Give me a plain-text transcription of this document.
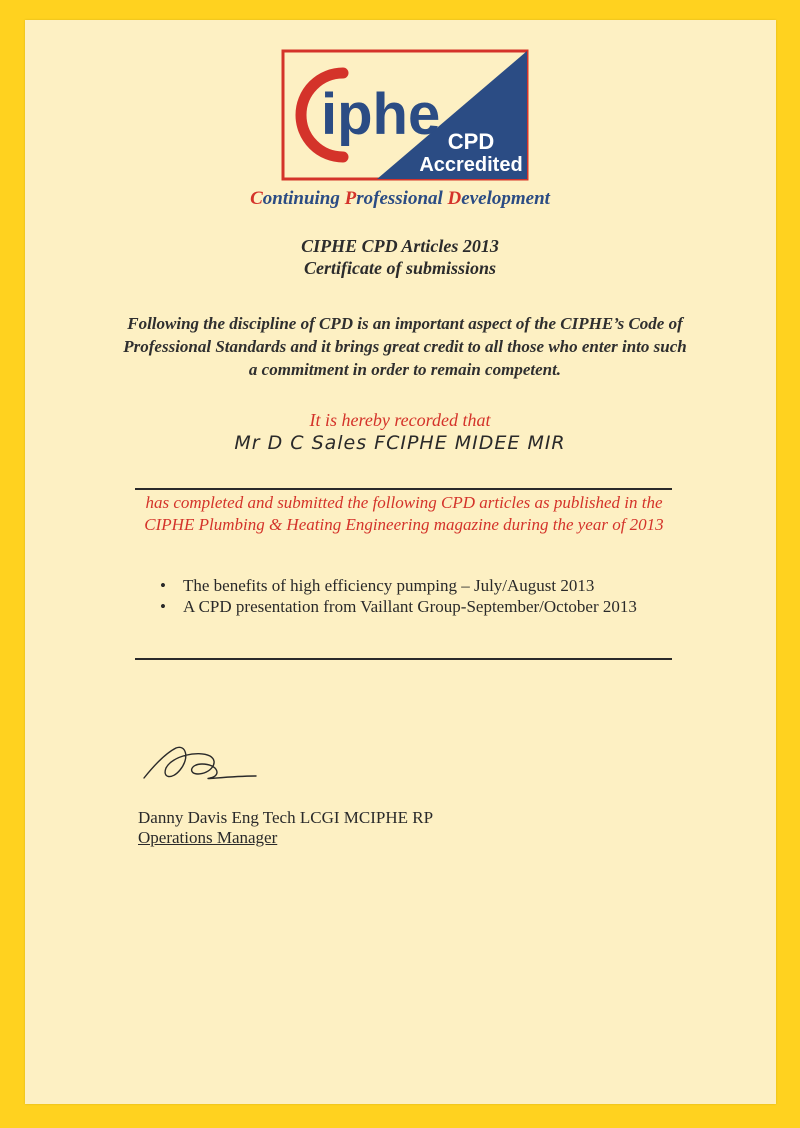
iphe CPD
Accredited
Continuing Professional Development
CIPHE CPD Articles 2013
Certificate of submissions
Following the discipline of CPD is an important aspect of the CIPHE’s Code of Professional Standards and it brings great credit to all those who enter into such a commitment in order to remain competent.
It is hereby recorded that
Mr D C Sales FCIPHE MIDEE MIR
has completed and submitted the following CPD articles as published in the CIPHE Plumbing & Heating Engineering magazine during the year of 2013
• The benefits of high efficiency pumping – July/August 2013
• A CPD presentation from Vaillant Group-September/October 2013
Danny Davis Eng Tech LCGI MCIPHE RP
Operations Manager
